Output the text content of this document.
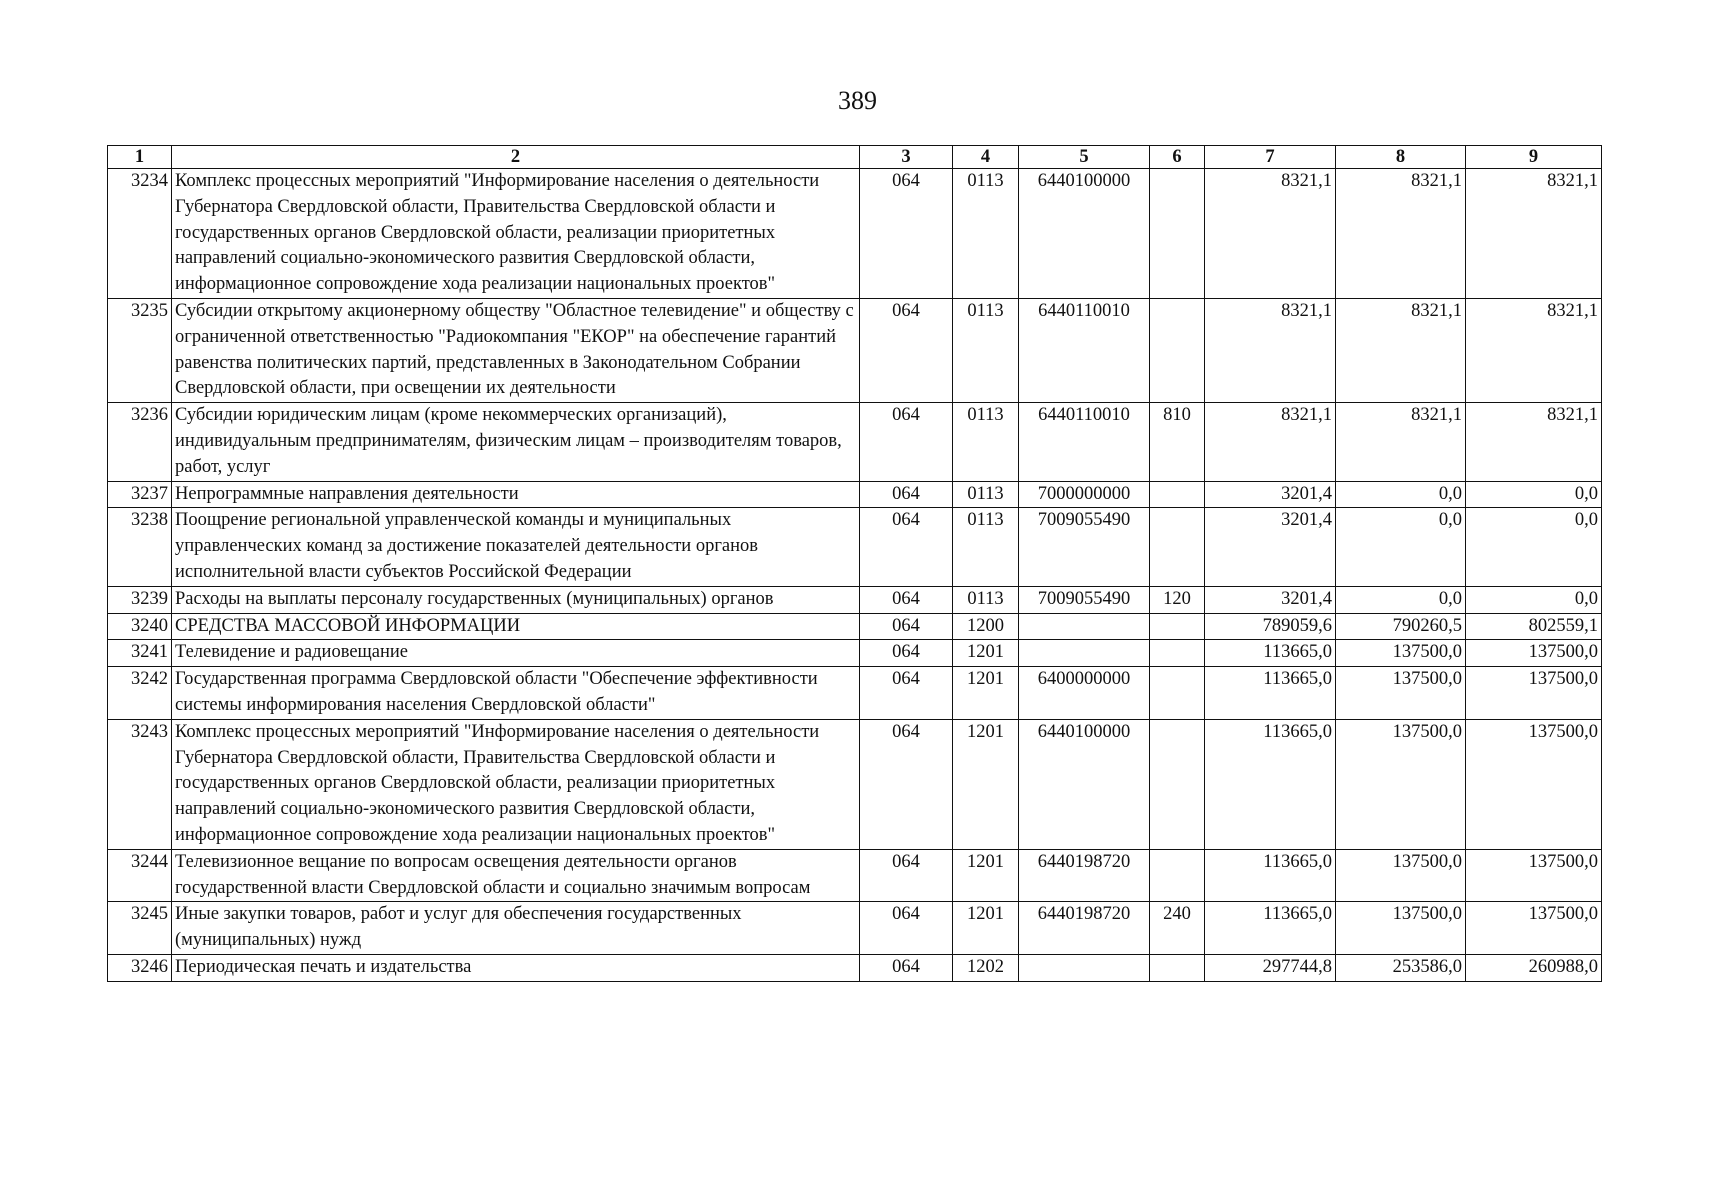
389
1	2	3	4	5	6	7	8	9
3234	Комплекс процессных мероприятий "Информирование населения о деятельности Губернатора Свердловской области, Правительства Свердловской области и государственных органов Свердловской области, реализации приоритетных направлений социально-экономического развития Свердловской области, информационное сопровождение хода реализации национальных проектов"	064	0113	6440100000		8321,1	8321,1	8321,1
3235	Субсидии открытому акционерному обществу "Областное телевидение" и обществу с ограниченной ответственностью "Радиокомпания "ЕКОР" на обеспечение гарантий равенства политических партий, представленных в Законодательном Собрании Свердловской области, при освещении их деятельности	064	0113	6440110010		8321,1	8321,1	8321,1
3236	Субсидии юридическим лицам (кроме некоммерческих организаций), индивидуальным предпринимателям, физическим лицам – производителям товаров, работ, услуг	064	0113	6440110010	810	8321,1	8321,1	8321,1
3237	Непрограммные направления деятельности	064	0113	7000000000		3201,4	0,0	0,0
3238	Поощрение региональной управленческой команды и муниципальных управленческих команд за достижение показателей деятельности органов исполнительной власти субъектов Российской Федерации	064	0113	7009055490		3201,4	0,0	0,0
3239	Расходы на выплаты персоналу государственных (муниципальных) органов	064	0113	7009055490	120	3201,4	0,0	0,0
3240	СРЕДСТВА МАССОВОЙ ИНФОРМАЦИИ	064	1200			789059,6	790260,5	802559,1
3241	Телевидение и радиовещание	064	1201			113665,0	137500,0	137500,0
3242	Государственная программа Свердловской области "Обеспечение эффективности системы информирования населения Свердловской области"	064	1201	6400000000		113665,0	137500,0	137500,0
3243	Комплекс процессных мероприятий "Информирование населения о деятельности Губернатора Свердловской области, Правительства Свердловской области и государственных органов Свердловской области, реализации приоритетных направлений социально-экономического развития Свердловской области, информационное сопровождение хода реализации национальных проектов"	064	1201	6440100000		113665,0	137500,0	137500,0
3244	Телевизионное вещание по вопросам освещения деятельности органов государственной власти Свердловской области и социально значимым вопросам	064	1201	6440198720		113665,0	137500,0	137500,0
3245	Иные закупки товаров, работ и услуг для обеспечения государственных (муниципальных) нужд	064	1201	6440198720	240	113665,0	137500,0	137500,0
3246	Периодическая печать и издательства	064	1202			297744,8	253586,0	260988,0
